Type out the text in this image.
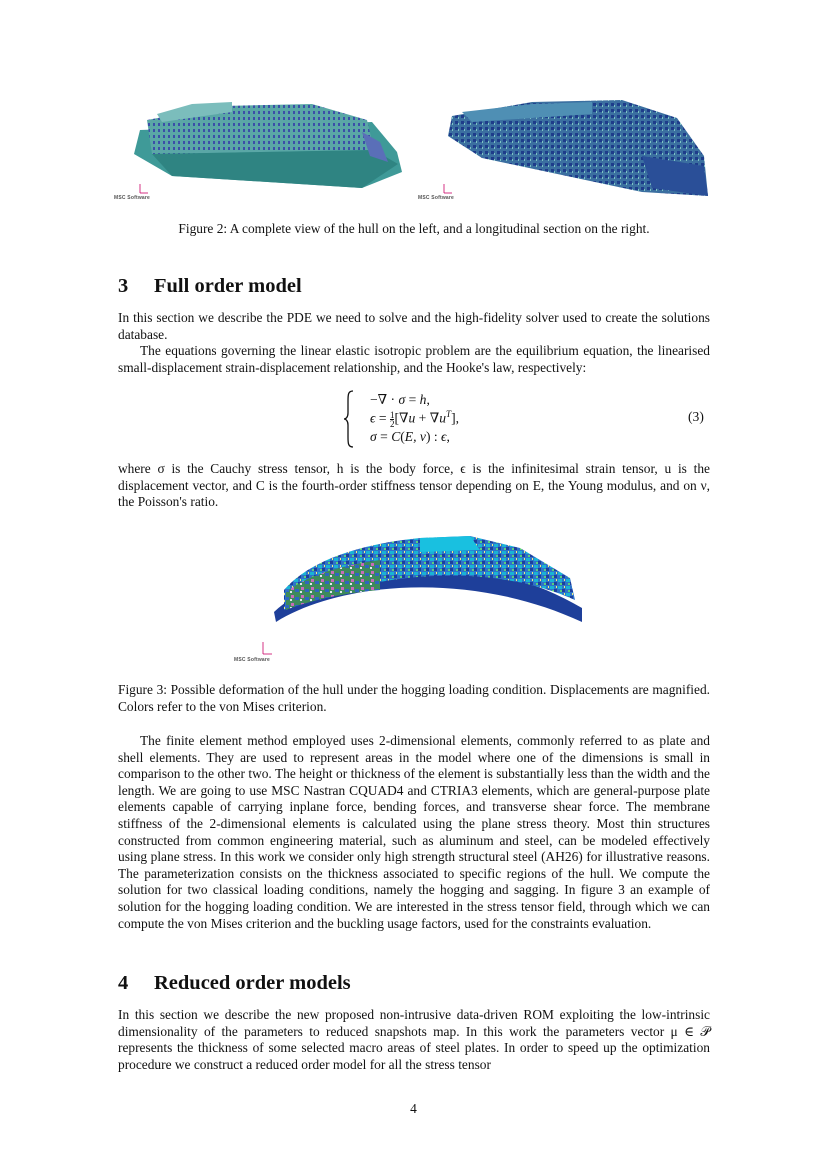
MSC Software	MSC Software
Figure 2: A complete view of the hull on the left, and a longitudinal section on the right.
3 Full order model
In this section we describe the PDE we need to solve and the high-fidelity solver used to create the solutions database.
The equations governing the linear elastic isotropic problem are the equilibrium equation, the linearised small-displacement strain-displacement relationship, and the Hooke's law, respectively:
−∇ · σ = h,
$\epsilon = \frac{1}{2} [\nabla u + \nabla u^T]$,
σ = C(E, ν) : ϵ,
(3)
where σ is the Cauchy stress tensor, h is the body force, ϵ is the infinitesimal strain tensor, u is the displacement vector, and C is the fourth-order stiffness tensor depending on E, the Young modulus, and on ν, the Poisson's ratio.
MSC Software
Figure 3: Possible deformation of the hull under the hogging loading condition. Displacements are magnified. Colors refer to the von Mises criterion.
The finite element method employed uses 2-dimensional elements, commonly referred to as plate and shell elements. They are used to represent areas in the model where one of the dimensions is small in comparison to the other two. The height or thickness of the element is substantially less than the width and the length. We are going to use MSC Nastran CQUAD4 and CTRIA3 elements, which are general-purpose plate elements capable of carrying inplane force, bending forces, and transverse shear force. The membrane stiffness of the 2-dimensional elements is calculated using the plane stress theory. Most thin structures constructed from common engineering material, such as aluminum and steel, can be modeled effectively using plane stress. In this work we consider only high strength structural steel (AH26) for illustrative reasons. The parameterization consists on the thickness associated to specific regions of the hull. We compute the solution for two classical loading conditions, namely the hogging and sagging. In figure 3 an example of solution for the hogging loading condition. We are interested in the stress tensor field, through which we can compute the von Mises criterion and the buckling usage factors, used for the constraints evaluation.
4 Reduced order models
In this section we describe the new proposed non-intrusive data-driven ROM exploiting the low-intrinsic dimensionality of the parameters to reduced snapshots map. In this work the parameters vector μ ∈ 𝒫 represents the thickness of some selected macro areas of steel plates. In order to speed up the optimization procedure we construct a reduced order model for all the stress tensor
4
